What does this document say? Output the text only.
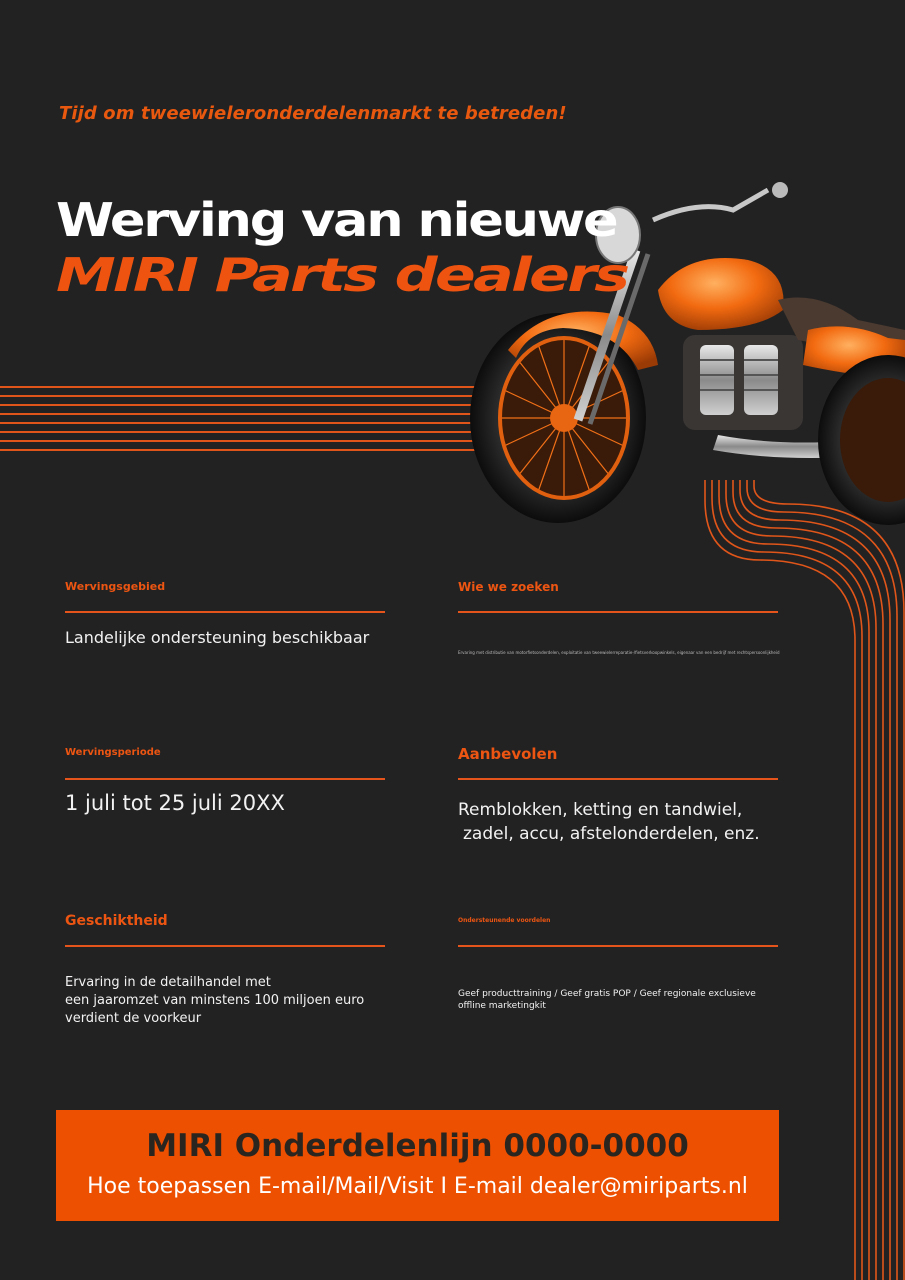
Tijd om tweewieleronderdelenmarkt te betreden!
Werving van nieuwe
MIRI Parts dealers
Wervingsgebied
Landelijke ondersteuning beschikbaar
Wie we zoeken
Ervaring met distributie van motorfietsonderdelen, exploitatie van tweewielerreparatie-/fietsverkoopwinkels, eigenaar van een bedrijf met rechtspersoonlijkheid
Wervingsperiode
1 juli tot 25 juli 20XX
Aanbevolen
Remblokken, ketting en tandwiel,
zadel, accu, afstelonderdelen, enz.
Geschiktheid
Ervaring in de detailhandel met
een jaaromzet van minstens 100 miljoen euro
verdient de voorkeur
Ondersteunende voordelen
Geef producttraining / Geef gratis POP / Geef regionale exclusieve
offline marketingkit
MIRI Onderdelenlijn 0000-0000
Hoe toepassen E-mail/Mail/Visit I E-mail dealer@miriparts.nl
